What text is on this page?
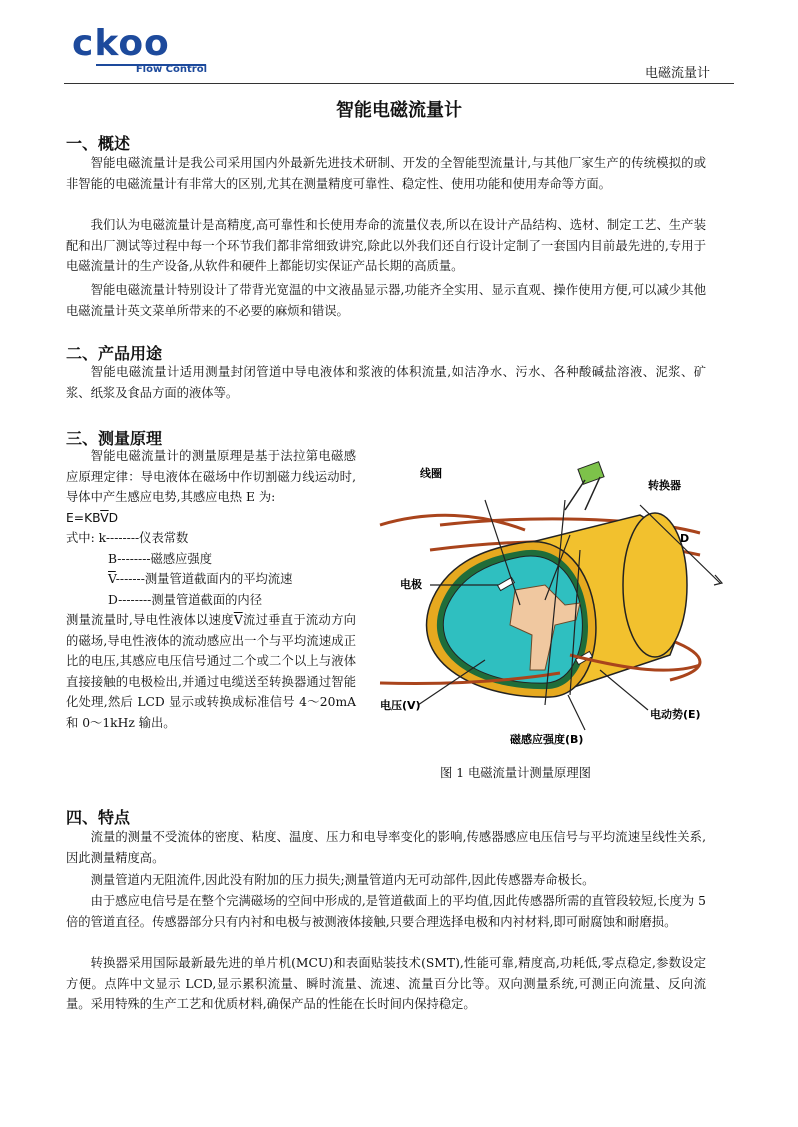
ckoo
Flow Control	电磁流量计
智能电磁流量计
一、概述

智能电磁流量计是我公司采用国内外最新先进技术研制、开发的全智能型流量计,与其他厂家生产的传统模拟的或非智能的电磁流量计有非常大的区别,尤其在测量精度可靠性、稳定性、使用功能和使用寿命等方面。

我们认为电磁流量计是高精度,高可靠性和长使用寿命的流量仪表,所以在设计产品结构、选材、制定工艺、生产装配和出厂测试等过程中每一个环节我们都非常细致讲究,除此以外我们还自行设计定制了一套国内目前最先进的,专用于电磁流量计的生产设备,从软件和硬件上都能切实保证产品长期的高质量。

智能电磁流量计特别设计了带背光宽温的中文液晶显示器,功能齐全实用、显示直观、操作使用方便,可以减少其他电磁流量计英文菜单所带来的不必要的麻烦和错误。

二、产品用途

智能电磁流量计适用测量封闭管道中导电液体和浆液的体积流量,如洁净水、污水、各种酸碱盐溶液、泥浆、矿浆、纸浆及食品方面的液体等。

三、测量原理

智能电磁流量计的测量原理是基于法拉第电磁感应原理定律：导电液体在磁场中作切割磁力线运动时,导体中产生感应电势,其感应电热 E 为:

$E=KB\overline{V}D$

式中: k--------仪表常数

B--------磁感应强度

$\overline{V}-------$测量管道截面内的平均流速

D--------测量管道截面的内径

测量流量时,导电性液体以速度$\overline{V}$流过垂直于流动方向的磁场,导电性液体的流动感应出一个与平均流速成正比的电压,其感应电压信号通过二个或二个以上与液体直接接触的电极检出,并通过电缆送至转换器通过智能化处理,然后 LCD 显示或转换成标准信号 4～20mA 和 0～1kHz 输出。

线圈
转换器
D
电极
电压(V)
电动势(E)
磁感应强度(B)
图 1 电磁流量计测量原理图
四、特点

流量的测量不受流体的密度、粘度、温度、压力和电导率变化的影响,传感器感应电压信号与平均流速呈线性关系,因此测量精度高。

测量管道内无阻流件,因此没有附加的压力损失;测量管道内无可动部件,因此传感器寿命极长。

由于感应电信号是在整个完满磁场的空间中形成的,是管道截面上的平均值,因此传感器所需的直管段较短,长度为 5 倍的管道直径。传感器部分只有内衬和电极与被测液体接触,只要合理选择电极和内衬材料,即可耐腐蚀和耐磨损。

转换器采用国际最新最先进的单片机(MCU)和表面贴装技术(SMT),性能可靠,精度高,功耗低,零点稳定,参数设定方便。点阵中文显示 LCD,显示累积流量、瞬时流量、流速、流量百分比等。双向测量系统,可测正向流量、反向流量。采用特殊的生产工艺和优质材料,确保产品的性能在长时间内保持稳定。
